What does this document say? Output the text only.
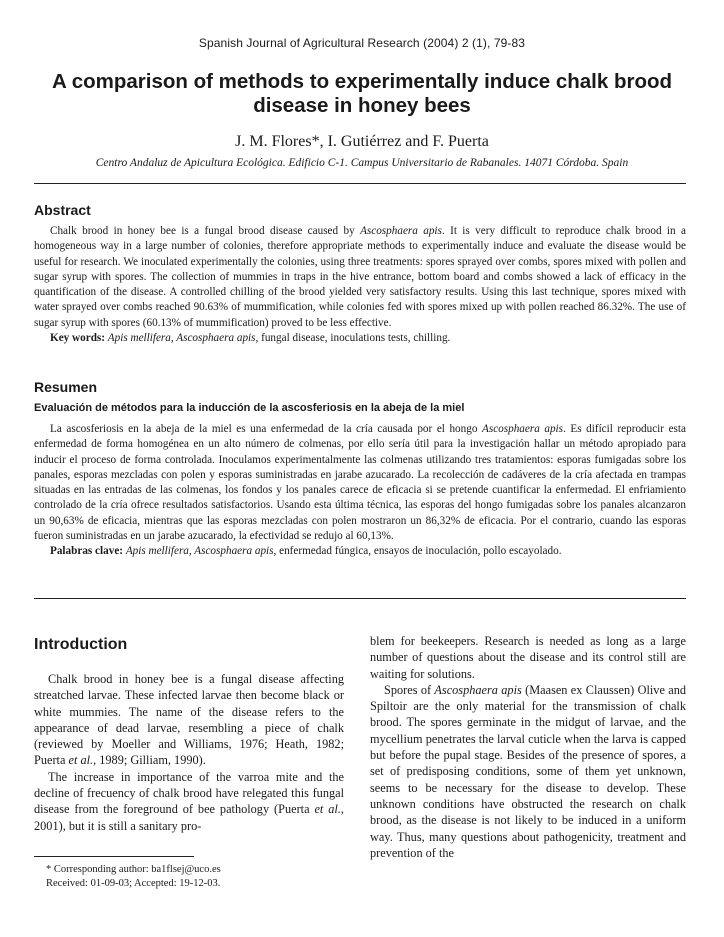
Spanish Journal of Agricultural Research (2004) 2 (1), 79-83
A comparison of methods to experimentally induce chalk brood
disease in honey bees
J. M. Flores*, I. Gutiérrez and F. Puerta
Centro Andaluz de Apicultura Ecológica. Edificio C-1. Campus Universitario de Rabanales. 14071 Córdoba. Spain
Abstract

Chalk brood in honey bee is a fungal brood disease caused by Ascosphaera apis. It is very difficult to reproduce chalk brood in a homogeneous way in a large number of colonies, therefore appropriate methods to experimentally induce and evaluate the disease would be useful for research. We inoculated experimentally the colonies, using three treatments: spores sprayed over combs, spores mixed with pollen and sugar syrup with spores. The collection of mummies in traps in the hive entrance, bottom board and combs showed a lack of efficacy in the quantification of the disease. A controlled chilling of the brood yielded very satisfactory results. Using this last technique, spores mixed with water sprayed over combs reached 90.63% of mummification, while colonies fed with spores mixed up with pollen reached 86.32%. The use of sugar syrup with spores (60.13% of mummification) proved to be less effective.

Key words: Apis mellifera, Ascosphaera apis, fungal disease, inoculations tests, chilling.

Resumen
Evaluación de métodos para la inducción de la ascosferiosis en la abeja de la miel

La ascosferiosis en la abeja de la miel es una enfermedad de la cría causada por el hongo Ascosphaera apis. Es difícil reproducir esta enfermedad de forma homogénea en un alto número de colmenas, por ello sería útil para la investigación hallar un método apropiado para inducir el proceso de forma controlada. Inoculamos experimentalmente las colmenas utilizando tres tratamientos: esporas fumigadas sobre los panales, esporas mezcladas con polen y esporas suministradas en jarabe azucarado. La recolección de cadáveres de la cría afectada en trampas situadas en las entradas de las colmenas, los fondos y los panales carece de eficacia si se pretende cuantificar la enfermedad. El enfriamiento controlado de la cría ofrece resultados satisfactorios. Usando esta última técnica, las esporas del hongo fumigadas sobre los panales alcanzaron un 90,63% de eficacia, mientras que las esporas mezcladas con polen mostraron un 86,32% de eficacia. Por el contrario, cuando las esporas fueron suministradas en un jarabe azucarado, la efectividad se redujo al 60,13%.

Palabras clave: Apis mellifera, Ascosphaera apis, enfermedad fúngica, ensayos de inoculación, pollo escayolado.

Introduction

Chalk brood in honey bee is a fungal disease affecting streatched larvae. These infected larvae then become black or white mummies. The name of the disease refers to the appearance of dead larvae, resembling a piece of chalk (reviewed by Moeller and Williams, 1976; Heath, 1982; Puerta et al., 1989; Gilliam, 1990).

The increase in importance of the varroa mite and the decline of frecuency of chalk brood have relegated this fungal disease from the foreground of bee pathology (Puerta et al., 2001), but it is still a sanitary pro-

blem for beekeepers. Research is needed as long as a large number of questions about the disease and its control still are waiting for solutions.

Spores of Ascosphaera apis (Maasen ex Claussen) Olive and Spiltoir are the only material for the transmission of chalk brood. The spores germinate in the midgut of larvae, and the mycellium penetrates the larval cuticle when the larva is capped but before the pupal stage. Besides of the presence of spores, a set of predisposing conditions, some of them yet unknown, seems to be necessary for the disease to develop. These unknown conditions have obstructed the research on chalk brood, as the disease is not likely to be induced in a uniform way. Thus, many questions about pathogenicity, treatment and prevention of the

* Corresponding author: ba1flsej@uco.es
Received: 01-09-03; Accepted: 19-12-03.
